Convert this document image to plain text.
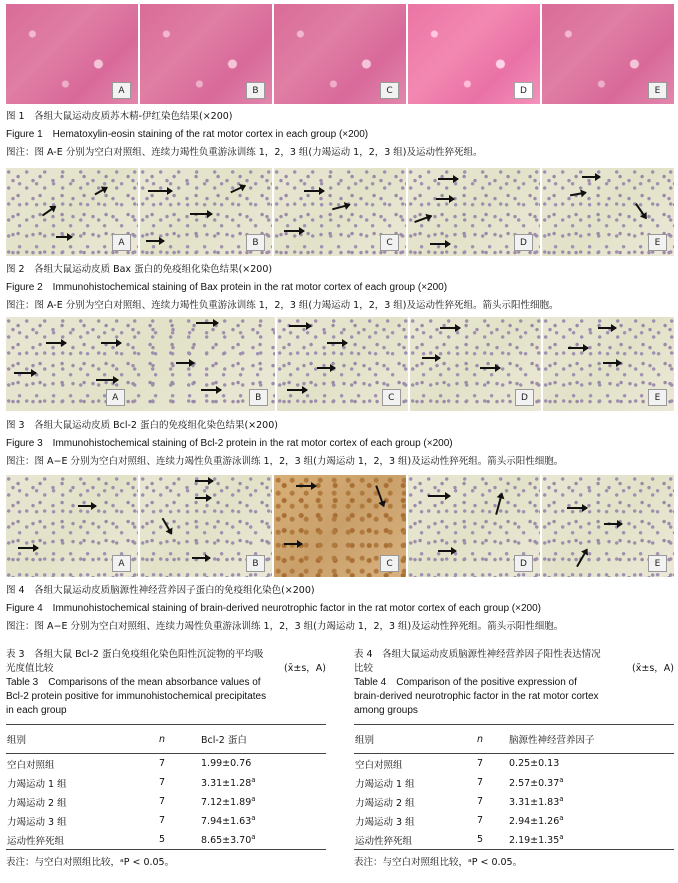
A	B	C	D	E
图 1　各组大鼠运动皮质苏木精-伊红染色结果(×200)
Figure 1　Hematoxylin-eosin staining of the rat motor cortex in each group (×200)
图注：图 A-E 分别为空白对照组、连续力竭性负重游泳训练 1，2，3 组(力竭运动 1，2，3 组)及运动性猝死组。
A	B	C	D	E
图 2　各组大鼠运动皮质 Bax 蛋白的免疫组化染色结果(×200)
Figure 2　Immunohistochemical staining of Bax protein in the rat motor cortex of each group (×200)
图注：图 A-E 分别为空白对照组、连续力竭性负重游泳训练 1，2，3 组(力竭运动 1，2，3 组)及运动性猝死组。箭头示阳性细胞。
A	B	C	D	E
图 3　各组大鼠运动皮质 Bcl-2 蛋白的免疫组化染色结果(×200)
Figure 3　Immunohistochemical staining of Bcl-2 protein in the rat motor cortex of each group (×200)
图注：图 A−E 分别为空白对照组、连续力竭性负重游泳训练 1，2，3 组(力竭运动 1，2，3 组)及运动性猝死组。箭头示阳性细胞。
A	B	C	D	E
图 4　各组大鼠运动皮质脑源性神经营养因子蛋白的免疫组化染色(×200)
Figure 4　Immunohistochemical staining of brain-derived neurotrophic factor in the rat motor cortex of each group (×200)
图注：图 A−E 分别为空白对照组、连续力竭性负重游泳训练 1，2，3 组(力竭运动 1，2，3 组)及运动性猝死组。箭头示阳性细胞。
表 3　各组大鼠 Bcl-2 蛋白免疫组化染色阳性沉淀物的平均吸
光度值比较	(x̄±s，A)
Table 3　Comparisons of the mean absorbance values of
Bcl-2 protein positive for immunohistochemical precipitates
in each group
组别	n	Bcl-2 蛋白
空白对照组	7	1.99±0.76
力竭运动 1 组	7	3.31±1.28$^a$
力竭运动 2 组	7	7.12±1.89$^a$
力竭运动 3 组	7	7.94±1.63$^a$
运动性猝死组	5	8.65±3.70$^a$
表注：与空白对照组比较，ᵃP < 0.05。
表 4　各组大鼠运动皮质脑源性神经营养因子阳性表达情况
比较	(x̄±s，A)
Table 4　Comparison of the positive expression of
brain-derived neurotrophic factor in the rat motor cortex
among groups
组别	n	脑源性神经营养因子
空白对照组	7	0.25±0.13
力竭运动 1 组	7	2.57±0.37$^a$
力竭运动 2 组	7	3.31±1.83$^a$
力竭运动 3 组	7	2.94±1.26$^a$
运动性猝死组	5	2.19±1.35$^a$
表注：与空白对照组比较，ᵃP < 0.05。
